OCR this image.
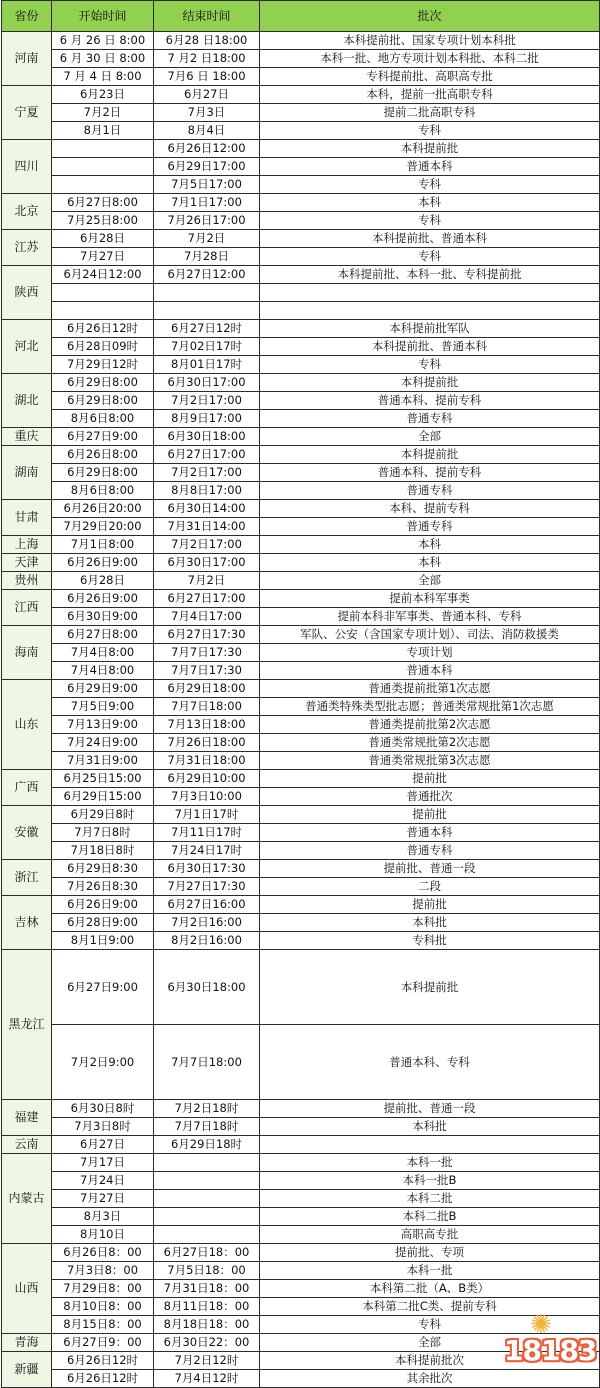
省份	开始时间	结束时间	批次
河南	6 月 26 日 8:00	6月28 日18:00	本科提前批、国家专项计划本科批
	6 月 30 日 8:00	7 月2 日18:00	本科一批、地方专项计划本科批、本科二批
	7 月 4 日 8:00	7月6 日 18:00	专科提前批、高职高专批
宁夏	6月23日	6月27日	本科，提前一批高职专科
	7月2日	7月3日	提前二批高职专科
	8月1日	8月4日	专科
四川		6月26日12:00	本科提前批
		6月29日17:00	普通本科
		7月5日17:00	专科
北京	6月27日8:00	7月1日17:00	本科
	7月25日8:00	7月26日17:00	专科
江苏	6月28日	7月2日	本科提前批、普通本科
	7月27日	7月28日	专科
陕西	6月24日12:00	6月27日12:00	本科提前批、本科一批、专科提前批

河北	6月26日12时	6月27日12时	本科提前批军队
	6月28日09时	7月02日17时	本科提前批、普通本科
	7月29日12时	8月01日17时	专科
湖北	6月29日8:00	6月30日17:00	本科提前批
	6月29日8:00	7月2日17:00	普通本科、提前专科
	8月6日8:00	8月9日17:00	普通专科
重庆	6月27日9:00	6月30日18:00	全部
湖南	6月26日8:00	6月27日17:00	本科提前批
	6月29日8:00	7月2日17:00	普通本科、提前专科
	8月6日8:00	8月8日17:00	普通专科
甘肃	6月26日20:00	6月30日14:00	本科、提前专科
	7月29日20:00	7月31日14:00	普通专科
上海	7月1日8:00	7月2日17:00	本科
天津	6月26日9:00	6月30日17:00	本科
贵州	6月28日	7月2日	全部
江西	6月26日9:00	6月27日17:00	提前本科军事类
	6月30日9:00	7月4日17:00	提前本科非军事类、普通本科、专科
海南	6月27日8:00	6月27日17:30	军队、公安（含国家专项计划）、司法、消防救援类
	7月4日8:00	7月7日17:30	专项计划
	7月4日8:00	7月7日17:30	普通本科
山东	6月29日9:00	6月29日18:00	普通类提前批第1次志愿
	7月5日9:00	7月7日18:00	普通类特殊类型批志愿；普通类常规批第1次志愿
	7月13日9:00	7月13日18:00	普通类提前批第2次志愿
	7月24日9:00	7月26日18:00	普通类常规批第2次志愿
	7月31日9:00	7月31日18:00	普通类常规批第3次志愿
广西	6月25日15:00	6月29日10:00	提前批
	6月29日15:00	7月3日10:00	普通批次
安徽	6月29日8时	7月1日17时	提前批
	7月7日8时	7月11日17时	普通本科
	7月18日8时	7月24日17时	普通专科
浙江	6月29日8:30	6月30日17:30	提前批、普通一段
	7月26日8:30	7月27日17:30	二段
吉林	6月26日9:00	6月27日16:00	提前批
	6月28日9:00	7月2日16:00	本科批
	8月1日9:00	8月2日16:00	专科批
黑龙江	6月27日9:00	6月30日18:00	本科提前批
	7月2日9:00	7月7日18:00	普通本科、专科
福建	6月30日8时	7月2日18时	提前批、普通一段
	7月3日8时	7月7日18时	本科批
云南	6月27日	6月29日18时	
内蒙古	7月17日		本科一批
	7月24日		本科一批B
	7月27日		本科二批
	8月3日		本科二批B
	8月10日		高职高专批
山西	6月26日8：00	6月27日18：00	提前批、专项
	7月3日8：00	7月5日18：00	本科一批
	7月29日8：00	7月31日18：00	本科第二批（A、B类）
	8月10日8：00	8月11日18：00	本科第二批C类、提前专科
	8月15日8：00	8月18日18：00	专科
青海	6月27日9：00	6月30日22：00	全部
新疆	6月26日12时	7月2日12时	本科提前批次
	6月26日12时	7月4日12时	其余批次
✺
18183
